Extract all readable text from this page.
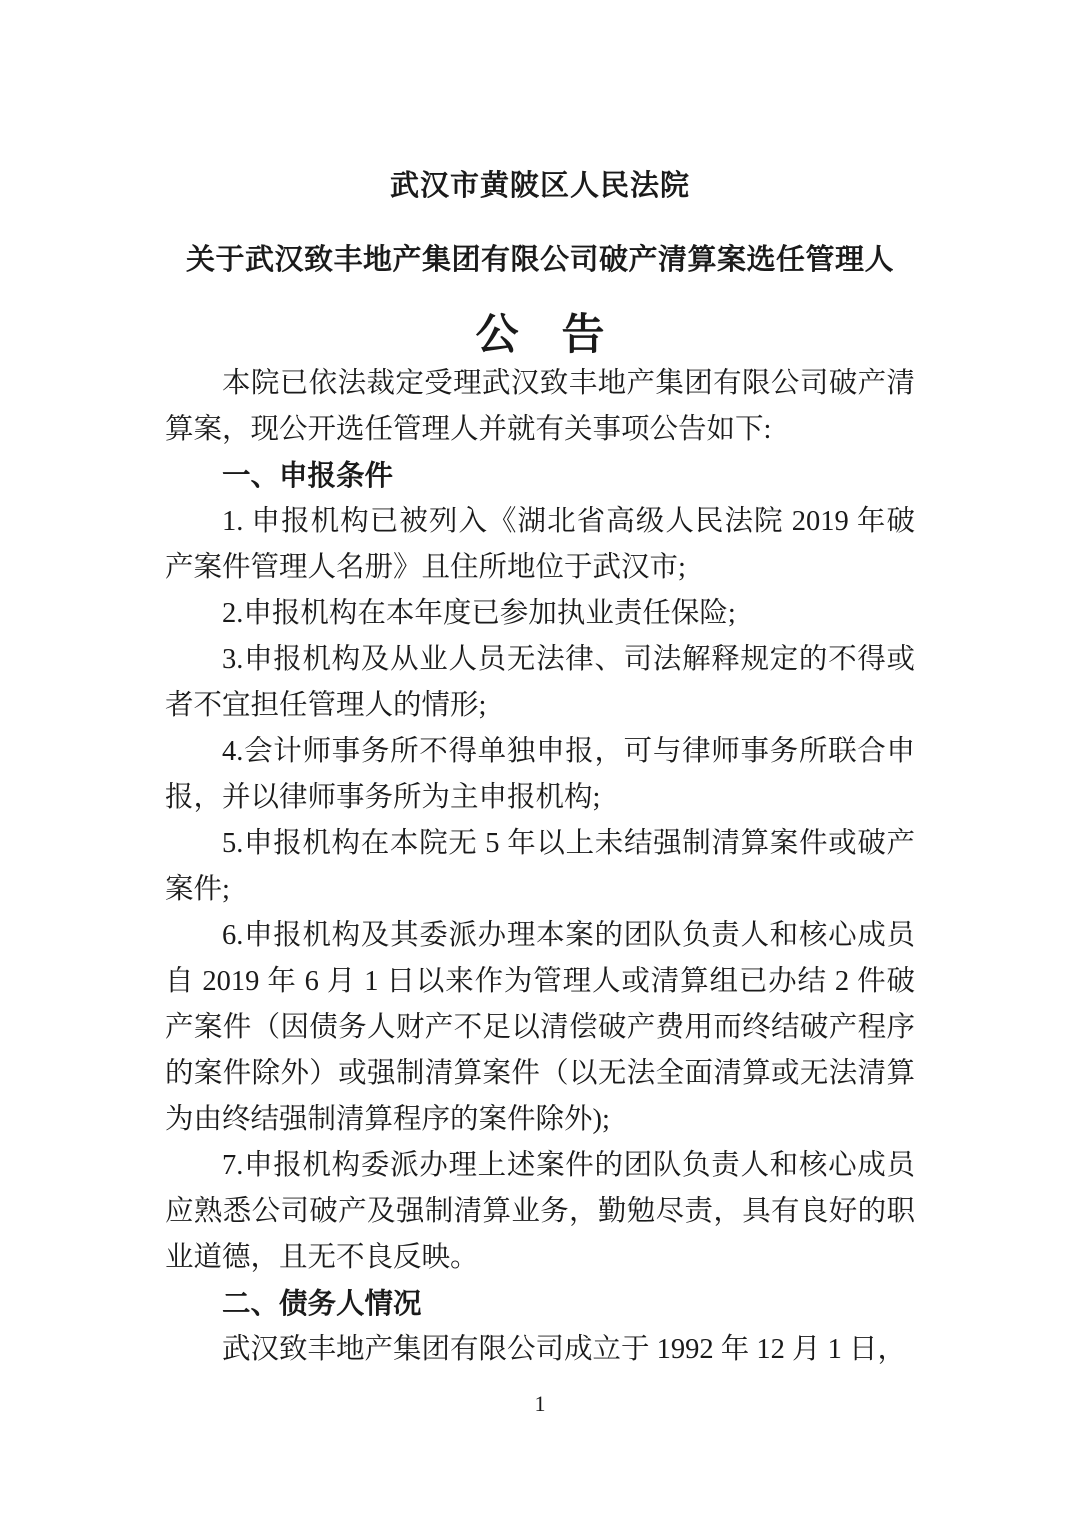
武汉市黄陂区人民法院
关于武汉致丰地产集团有限公司破产清算案选任管理人
公　告

本院已依法裁定受理武汉致丰地产集团有限公司破产清算案，现公开选任管理人并就有关事项公告如下:

一、申报条件

1. 申报机构已被列入《湖北省高级人民法院 2019 年破产案件管理人名册》且住所地位于武汉市;

2.申报机构在本年度已参加执业责任保险;

3.申报机构及从业人员无法律、司法解释规定的不得或者不宜担任管理人的情形;

4.会计师事务所不得单独申报，可与律师事务所联合申报，并以律师事务所为主申报机构;

5.申报机构在本院无 5 年以上未结强制清算案件或破产案件;

6.申报机构及其委派办理本案的团队负责人和核心成员自 2019 年 6 月 1 日以来作为管理人或清算组已办结 2 件破产案件（因债务人财产不足以清偿破产费用而终结破产程序的案件除外）或强制清算案件（以无法全面清算或无法清算为由终结强制清算程序的案件除外);

7.申报机构委派办理上述案件的团队负责人和核心成员应熟悉公司破产及强制清算业务，勤勉尽责，具有良好的职业道德，且无不良反映。

二、债务人情况

武汉致丰地产集团有限公司成立于 1992 年 12 月 1 日，

1
